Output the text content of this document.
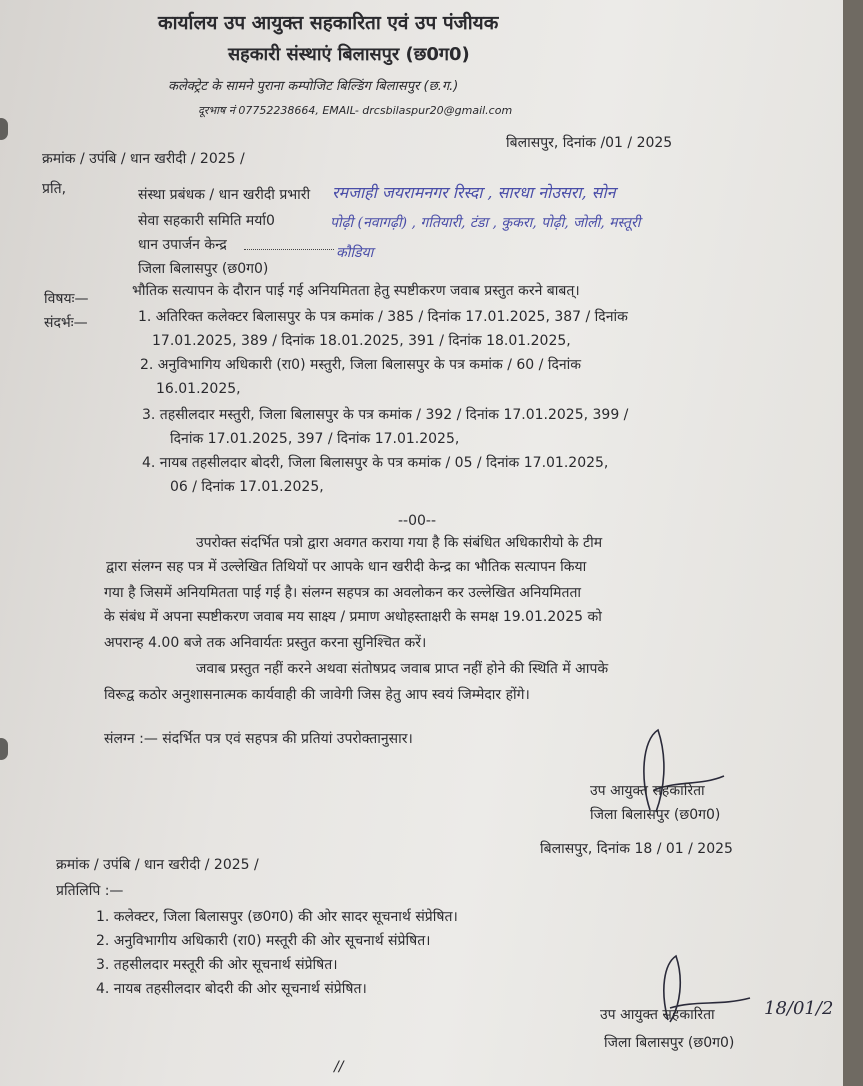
कार्यालय उप आयुक्त सहकारिता एवं उप पंजीयक
सहकारी संस्थाएं बिलासपुर (छ0ग0)
कलेक्ट्रेट के सामने पुराना कम्पोजिट बिल्डिंग बिलासपुर (छ.ग.)
दूरभाष नं 07752238664, EMAIL- drcsbilaspur20@gmail.com
क्रमांक / उपंबि / धान खरीदी / 2025 /
बिलासपुर, दिनांक /01 / 2025
प्रति,	संस्था प्रबंधक / धान खरीदी प्रभारी
सेवा सहकारी समिति मर्या0
धान उपार्जन केन्द्र
जिला बिलासपुर (छ0ग0)
रमजाही जयरामनगर रिस्दा , सारधा नोउसरा, सोन
पोढ़ी (नवागढ़ी) , गतियारी, टंडा , कुकरा, पोढ़ी, जोली, मस्तूरी
कौडिया
विषयः—	भौतिक सत्यापन के दौरान पाई गई अनियमितता हेतु स्पष्टीकरण जवाब प्रस्तुत करने बाबत्।
संदर्भः—	1. अतिरिक्त कलेक्टर बिलासपुर के पत्र कमांक / 385 / दिनांक 17.01.2025, 387 / दिनांक
17.01.2025, 389 / दिनांक 18.01.2025, 391 / दिनांक 18.01.2025,
2. अनुविभागिय अधिकारी (रा0) मस्तुरी, जिला बिलासपुर के पत्र कमांक / 60 / दिनांक
16.01.2025,
3. तहसीलदार मस्तुरी, जिला बिलासपुर के पत्र कमांक / 392 / दिनांक 17.01.2025, 399 /
दिनांक 17.01.2025, 397 / दिनांक 17.01.2025,
4. नायब तहसीलदार बोदरी, जिला बिलासपुर के पत्र कमांक / 05 / दिनांक 17.01.2025,
06 / दिनांक 17.01.2025,
--00--
उपरोक्त संदर्भित पत्रो द्वारा अवगत कराया गया है कि संबंधित अधिकारीयो के टीम
द्वारा संलग्न सह पत्र में उल्लेखित तिथियों पर आपके धान खरीदी केन्द्र का भौतिक सत्यापन किया
गया है जिसमें अनियमितता पाई गई है। संलग्न सहपत्र का अवलोकन कर उल्लेखित अनियमितता
के संबंध में अपना स्पष्टीकरण जवाब मय साक्ष्य / प्रमाण अधोहस्ताक्षरी के समक्ष 19.01.2025 को
अपरान्ह 4.00 बजे तक अनिवार्यतः प्रस्तुत करना सुनिश्चित करें।
जवाब प्रस्तुत नहीं करने अथवा संतोषप्रद जवाब प्राप्त नहीं होने की स्थिति में आपके
विरूद्व कठोर अनुशासनात्मक कार्यवाही की जावेगी जिस हेतु आप स्वयं जिम्मेदार होंगे।
संलग्न :— संदर्भित पत्र एवं सहपत्र की प्रतियां उपरोक्तानुसार।
उप आयुक्त सहकारिता
जिला बिलासपुर (छ0ग0)
बिलासपुर, दिनांक 18 / 01 / 2025
क्रमांक / उपंबि / धान खरीदी / 2025 /
प्रतिलिपि :—
1. कलेक्टर, जिला बिलासपुर (छ0ग0) की ओर सादर सूचनार्थ संप्रेषित।
2. अनुविभागीय अधिकारी (रा0) मस्तूरी की ओर सूचनार्थ संप्रेषित।
3. तहसीलदार मस्तूरी की ओर सूचनार्थ संप्रेषित।
4. नायब तहसीलदार बोदरी की ओर सूचनार्थ संप्रेषित।
उप आयुक्त सहकारिता
जिला बिलासपुर (छ0ग0)
18/01/2
//
